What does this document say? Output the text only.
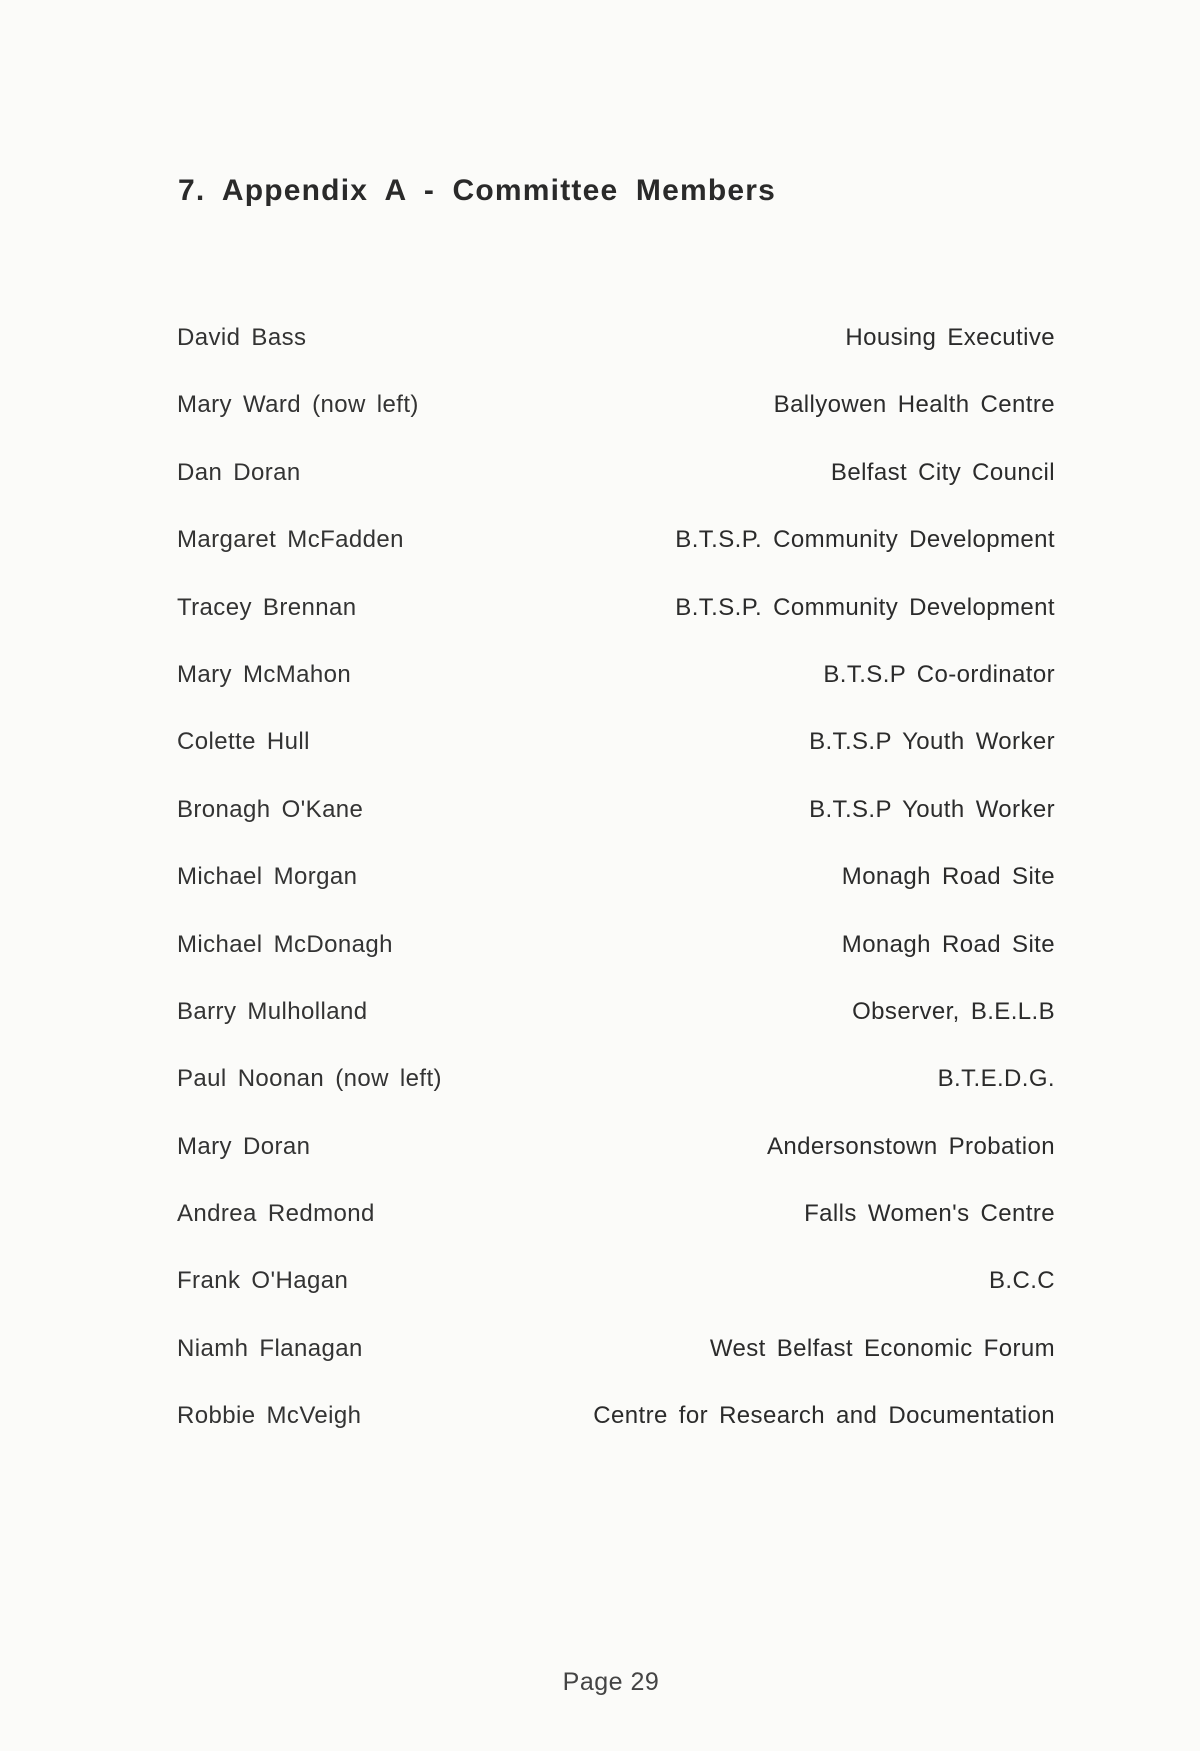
7. Appendix A - Committee Members
David Bass	Housing Executive
Mary Ward (now left)	Ballyowen Health Centre
Dan Doran	Belfast City Council
Margaret McFadden	B.T.S.P. Community Development
Tracey Brennan	B.T.S.P. Community Development
Mary McMahon	B.T.S.P Co-ordinator
Colette Hull	B.T.S.P Youth Worker
Bronagh O'Kane	B.T.S.P Youth Worker
Michael Morgan	Monagh Road Site
Michael McDonagh	Monagh Road Site
Barry Mulholland	Observer, B.E.L.B
Paul Noonan (now left)	B.T.E.D.G.
Mary Doran	Andersonstown Probation
Andrea Redmond	Falls Women's Centre
Frank O'Hagan	B.C.C
Niamh Flanagan	West Belfast Economic Forum
Robbie McVeigh	Centre for Research and Documentation
Page 29
